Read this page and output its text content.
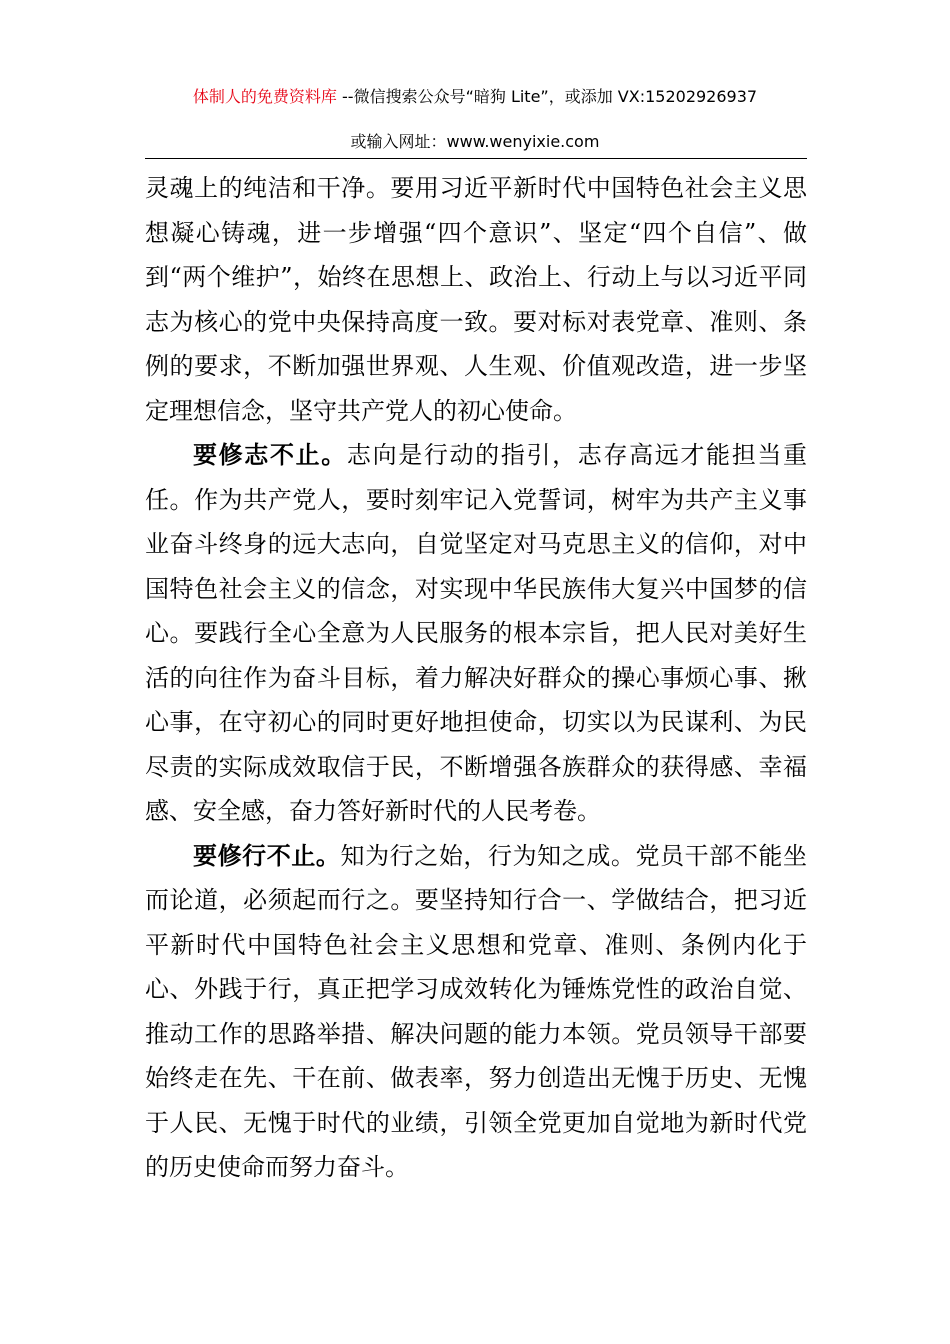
体制人的免费资料库 --微信搜索公众号“暗狗 Lite”，或添加 VX:15202926937
或输入网址：www.wenyixie.com

灵魂上的纯洁和干净。要用习近平新时代中国特色社会主义思想凝心铸魂，进一步增强“四个意识”、坚定“四个自信”、做到“两个维护”，始终在思想上、政治上、行动上与以习近平同志为核心的党中央保持高度一致。要对标对表党章、准则、条例的要求，不断加强世界观、人生观、价值观改造，进一步坚定理想信念，坚守共产党人的初心使命。

要修志不止。志向是行动的指引，志存高远才能担当重任。作为共产党人，要时刻牢记入党誓词，树牢为共产主义事业奋斗终身的远大志向，自觉坚定对马克思主义的信仰，对中国特色社会主义的信念，对实现中华民族伟大复兴中国梦的信心。要践行全心全意为人民服务的根本宗旨，把人民对美好生活的向往作为奋斗目标，着力解决好群众的操心事烦心事、揪心事，在守初心的同时更好地担使命，切实以为民谋利、为民尽责的实际成效取信于民，不断增强各族群众的获得感、幸福感、安全感，奋力答好新时代的人民考卷。

要修行不止。知为行之始，行为知之成。党员干部不能坐而论道，必须起而行之。要坚持知行合一、学做结合，把习近平新时代中国特色社会主义思想和党章、准则、条例内化于心、外践于行，真正把学习成效转化为锤炼党性的政治自觉、推动工作的思路举措、解决问题的能力本领。党员领导干部要始终走在先、干在前、做表率，努力创造出无愧于历史、无愧于人民、无愧于时代的业绩，引领全党更加自觉地为新时代党的历史使命而努力奋斗。
